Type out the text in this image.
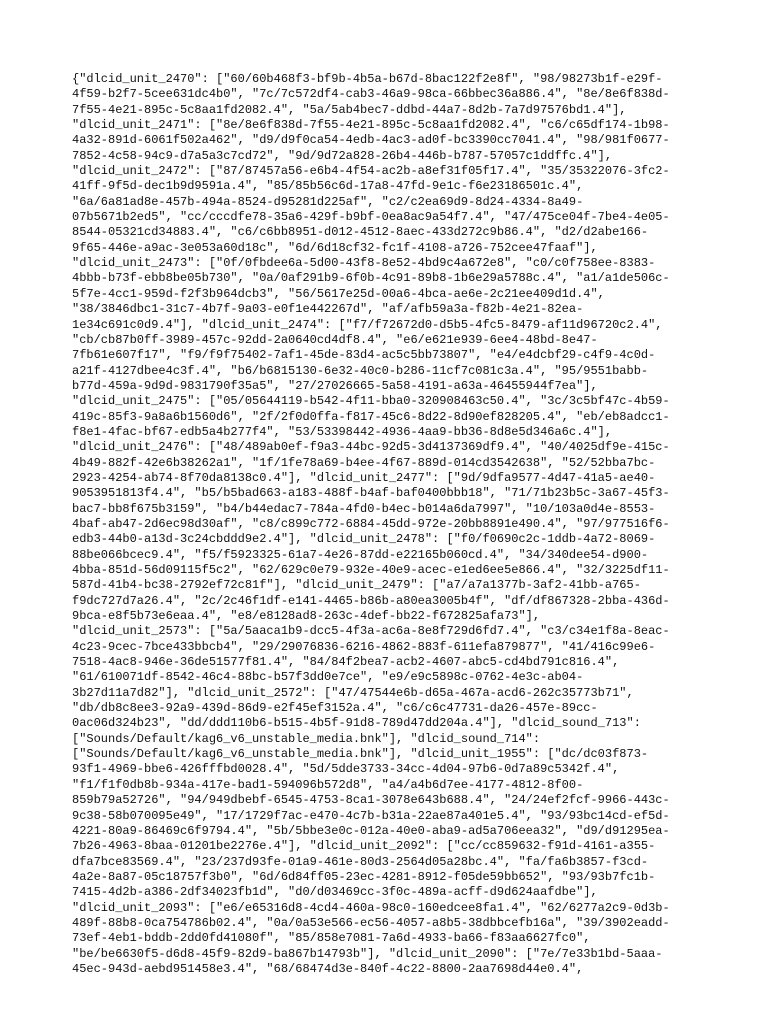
{"dlcid_unit_2470": ["60/60b468f3-bf9b-4b5a-b67d-8bac122f2e8f", "98/98273b1f-e29f-
4f59-b2f7-5cee631dc4b0", "7c/7c572df4-cab3-46a9-98ca-66bbec36a886.4", "8e/8e6f838d-
7f55-4e21-895c-5c8aa1fd2082.4", "5a/5ab4bec7-ddbd-44a7-8d2b-7a7d97576bd1.4"],
"dlcid_unit_2471": ["8e/8e6f838d-7f55-4e21-895c-5c8aa1fd2082.4", "c6/c65df174-1b98-
4a32-891d-6061f502a462", "d9/d9f0ca54-4edb-4ac3-ad0f-bc3390cc7041.4", "98/981f0677-
7852-4c58-94c9-d7a5a3c7cd72", "9d/9d72a828-26b4-446b-b787-57057c1ddffc.4"],
"dlcid_unit_2472": ["87/87457a56-e6b4-4f54-ac2b-a8ef31f05f17.4", "35/35322076-3fc2-
41ff-9f5d-dec1b9d9591a.4", "85/85b56c6d-17a8-47fd-9e1c-f6e23186501c.4",
"6a/6a81ad8e-457b-494a-8524-d95281d225af", "c2/c2ea69d9-8d24-4334-8a49-
07b5671b2ed5", "cc/cccdfe78-35a6-429f-b9bf-0ea8ac9a54f7.4", "47/475ce04f-7be4-4e05-
8544-05321cd34883.4", "c6/c6bb8951-d012-4512-8aec-433d272c9b86.4", "d2/d2abe166-
9f65-446e-a9ac-3e053a60d18c", "6d/6d18cf32-fc1f-4108-a726-752cee47faaf"],
"dlcid_unit_2473": ["0f/0fbdee6a-5d00-43f8-8e52-4bd9c4a672e8", "c0/c0f758ee-8383-
4bbb-b73f-ebb8be05b730", "0a/0af291b9-6f0b-4c91-89b8-1b6e29a5788c.4", "a1/a1de506c-
5f7e-4cc1-959d-f2f3b964dcb3", "56/5617e25d-00a6-4bca-ae6e-2c21ee409d1d.4",
"38/3846dbc1-31c7-4b7f-9a03-e0f1e442267d", "af/afb59a3a-f82b-4e21-82ea-
1e34c691c0d9.4"], "dlcid_unit_2474": ["f7/f72672d0-d5b5-4fc5-8479-af11d96720c2.4",
"cb/cb87b0ff-3989-457c-92dd-2a0640cd4df8.4", "e6/e621e939-6ee4-48bd-8e47-
7fb61e607f17", "f9/f9f75402-7af1-45de-83d4-ac5c5bb73807", "e4/e4dcbf29-c4f9-4c0d-
a21f-4127dbee4c3f.4", "b6/b6815130-6e32-40c0-b286-11cf7c081c3a.4", "95/9551babb-
b77d-459a-9d9d-9831790f35a5", "27/27026665-5a58-4191-a63a-46455944f7ea"],
"dlcid_unit_2475": ["05/05644119-b542-4f11-bba0-320908463c50.4", "3c/3c5bf47c-4b59-
419c-85f3-9a8a6b1560d6", "2f/2f0d0ffa-f817-45c6-8d22-8d90ef828205.4", "eb/eb8adcc1-
f8e1-4fac-bf67-edb5a4b277f4", "53/53398442-4936-4aa9-bb36-8d8e5d346a6c.4"],
"dlcid_unit_2476": ["48/489ab0ef-f9a3-44bc-92d5-3d4137369df9.4", "40/4025df9e-415c-
4b49-882f-42e6b38262a1", "1f/1fe78a69-b4ee-4f67-889d-014cd3542638", "52/52bba7bc-
2923-4254-ab74-8f70da8138c0.4"], "dlcid_unit_2477": ["9d/9dfa9577-4d47-41a5-ae40-
9053951813f4.4", "b5/b5bad663-a183-488f-b4af-baf0400bbb18", "71/71b23b5c-3a67-45f3-
bac7-bb8f675b3159", "b4/b44edac7-784a-4fd0-b4ec-b014a6da7997", "10/103a0d4e-8553-
4baf-ab47-2d6ec98d30af", "c8/c899c772-6884-45dd-972e-20bb8891e490.4", "97/977516f6-
edb3-44b0-a13d-3c24cbddd9e2.4"], "dlcid_unit_2478": ["f0/f0690c2c-1ddb-4a72-8069-
88be066bcec9.4", "f5/f5923325-61a7-4e26-87dd-e22165b060cd.4", "34/340dee54-d900-
4bba-851d-56d09115f5c2", "62/629c0e79-932e-40e9-acec-e1ed6ee5e866.4", "32/3225df11-
587d-41b4-bc38-2792ef72c81f"], "dlcid_unit_2479": ["a7/a7a1377b-3af2-41bb-a765-
f9dc727d7a26.4", "2c/2c46f1df-e141-4465-b86b-a80ea3005b4f", "df/df867328-2bba-436d-
9bca-e8f5b73e6eaa.4", "e8/e8128ad8-263c-4def-bb22-f672825afa73"],
"dlcid_unit_2573": ["5a/5aaca1b9-dcc5-4f3a-ac6a-8e8f729d6fd7.4", "c3/c34e1f8a-8eac-
4c23-9cec-7bce433bbcb4", "29/29076836-6216-4862-883f-611efa879877", "41/416c99e6-
7518-4ac8-946e-36de51577f81.4", "84/84f2bea7-acb2-4607-abc5-cd4bd791c816.4",
"61/610071df-8542-46c4-88bc-b57f3dd0e7ce", "e9/e9c5898c-0762-4e3c-ab04-
3b27d11a7d82"], "dlcid_unit_2572": ["47/47544e6b-d65a-467a-acd6-262c35773b71",
"db/db8c8ee3-92a9-439d-86d9-e2f45ef3152a.4", "c6/c6c47731-da26-457e-89cc-
0ac06d324b23", "dd/ddd110b6-b515-4b5f-91d8-789d47dd204a.4"], "dlcid_sound_713":
["Sounds/Default/kag6_v6_unstable_media.bnk"], "dlcid_sound_714":
["Sounds/Default/kag6_v6_unstable_media.bnk"], "dlcid_unit_1955": ["dc/dc03f873-
93f1-4969-bbe6-426fffbd0028.4", "5d/5dde3733-34cc-4d04-97b6-0d7a89c5342f.4",
"f1/f1f0db8b-934a-417e-bad1-594096b572d8", "a4/a4b6d7ee-4177-4812-8f00-
859b79a52726", "94/949dbebf-6545-4753-8ca1-3078e643b688.4", "24/24ef2fcf-9966-443c-
9c38-58b070095e49", "17/1729f7ac-e470-4c7b-b31a-22ae87a401e5.4", "93/93bc14cd-ef5d-
4221-80a9-86469c6f9794.4", "5b/5bbe3e0c-012a-40e0-aba9-ad5a706eea32", "d9/d91295ea-
7b26-4963-8baa-01201be2276e.4"], "dlcid_unit_2092": ["cc/cc859632-f91d-4161-a355-
dfa7bce83569.4", "23/237d93fe-01a9-461e-80d3-2564d05a28bc.4", "fa/fa6b3857-f3cd-
4a2e-8a87-05c18757f3b0", "6d/6d84ff05-23ec-4281-8912-f05de59bb652", "93/93b7fc1b-
7415-4d2b-a386-2df34023fb1d", "d0/d03469cc-3f0c-489a-acff-d9d624aafdbe"],
"dlcid_unit_2093": ["e6/e65316d8-4cd4-460a-98c0-160edcee8fa1.4", "62/6277a2c9-0d3b-
489f-88b8-0ca754786b02.4", "0a/0a53e566-ec56-4057-a8b5-38dbbcefb16a", "39/3902eadd-
73ef-4eb1-bddb-2dd0fd41080f", "85/858e7081-7a6d-4933-ba66-f83aa6627fc0",
"be/be6630f5-d6d8-45f9-82d9-ba867b14793b"], "dlcid_unit_2090": ["7e/7e33b1bd-5aaa-
45ec-943d-aebd951458e3.4", "68/68474d3e-840f-4c22-8800-2aa7698d44e0.4",
